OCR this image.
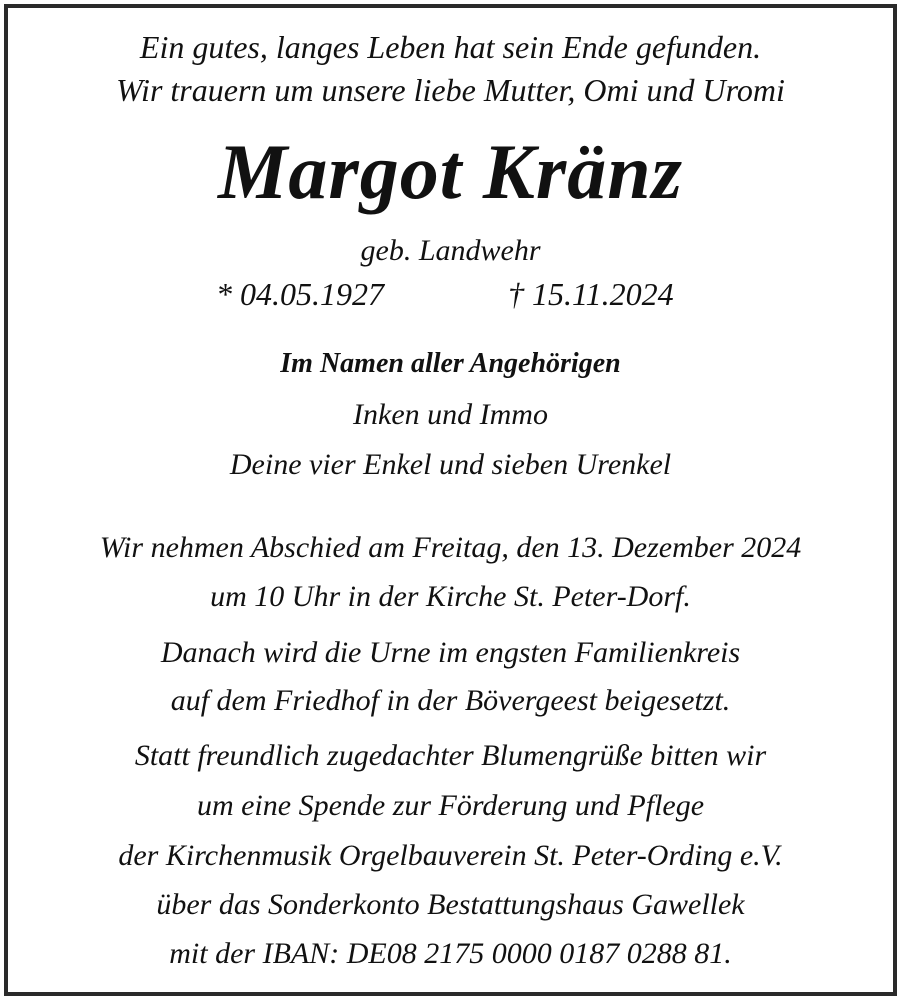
Ein gutes, langes Leben hat sein Ende gefunden.
Wir trauern um unsere liebe Mutter, Omi und Uromi
Margot Kränz
geb. Landwehr
* 04.05.1927	† 15.11.2024
Im Namen aller Angehörigen
Inken und Immo
Deine vier Enkel und sieben Urenkel
Wir nehmen Abschied am Freitag, den 13. Dezember 2024
um 10 Uhr in der Kirche St. Peter-Dorf.
Danach wird die Urne im engsten Familienkreis
auf dem Friedhof in der Bövergeest beigesetzt.
Statt freundlich zugedachter Blumengrüße bitten wir
um eine Spende zur Förderung und Pflege
der Kirchenmusik Orgelbauverein St. Peter-Ording e.V.
über das Sonderkonto Bestattungshaus Gawellek
mit der IBAN: DE08 2175 0000 0187 0288 81.
